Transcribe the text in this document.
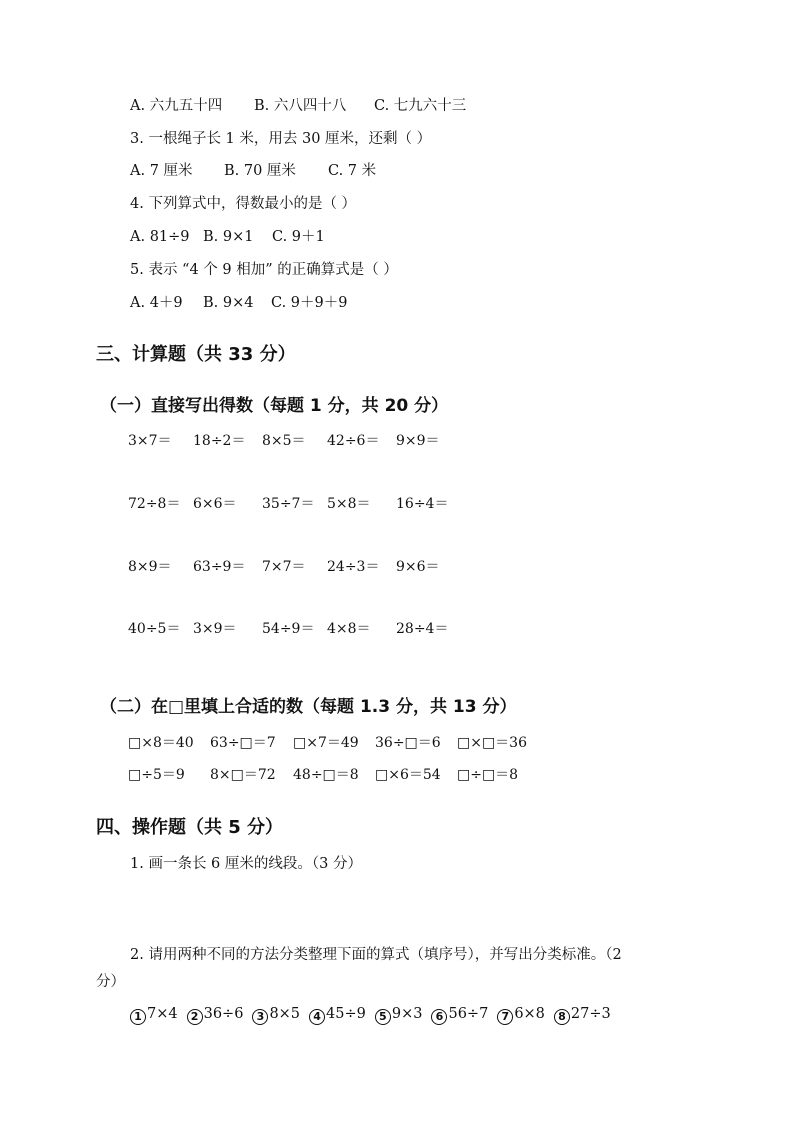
A. 六九五十四 B. 六八四十八 C. 七九六十三
3. 一根绳子长 1 米，用去 30 厘米，还剩（ ）
A. 7 厘米 B. 70 厘米 C. 7 米
4. 下列算式中，得数最小的是（ ）
A. 81÷9 B. 9×1 C. 9＋1
5. 表示 “4 个 9 相加” 的正确算式是（ ）
A. 4＋9 B. 9×4 C. 9＋9＋9
三、计算题（共 33 分）
（一）直接写出得数（每题 1 分，共 20 分）
3×7＝ 18÷2＝ 8×5＝ 42÷6＝ 9×9＝
72÷8＝ 6×6＝ 35÷7＝ 5×8＝ 16÷4＝
8×9＝ 63÷9＝ 7×7＝ 24÷3＝ 9×6＝
40÷5＝ 3×9＝ 54÷9＝ 4×8＝ 28÷4＝
（二）在□里填上合适的数（每题 1.3 分，共 13 分）
□×8＝40 63÷□＝7 □×7＝49 36÷□＝6 □×□＝36
□÷5＝9 8×□＝72 48÷□＝8 □×6＝54 □÷□＝8
四、操作题（共 5 分）
1. 画一条长 6 厘米的线段。（3 分）
2. 请用两种不同的方法分类整理下面的算式（填序号），并写出分类标准。（2
分）
1 7×4 2 36÷6 3 8×5 4 45÷9 5 9×3 6 56÷7 7 6×8 8 27÷3
